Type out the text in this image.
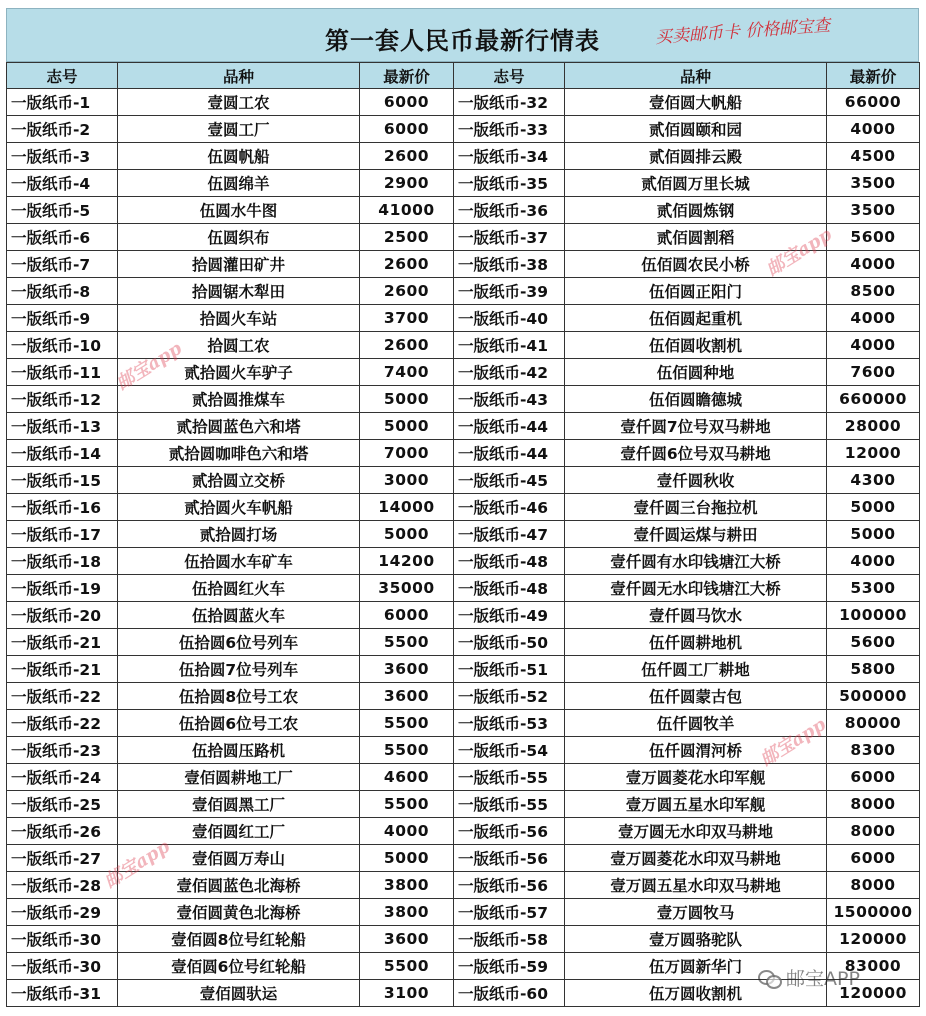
第一套人民币最新行情表	买卖邮币卡 价格邮宝查
志号	品种	最新价	志号	品种	最新价
一版纸币-1	壹圆工农	6000	一版纸币-32	壹佰圆大帆船	66000
一版纸币-2	壹圆工厂	6000	一版纸币-33	贰佰圆颐和园	4000
一版纸币-3	伍圆帆船	2600	一版纸币-34	贰佰圆排云殿	4500
一版纸币-4	伍圆绵羊	2900	一版纸币-35	贰佰圆万里长城	3500
一版纸币-5	伍圆水牛图	41000	一版纸币-36	贰佰圆炼钢	3500
一版纸币-6	伍圆织布	2500	一版纸币-37	贰佰圆割稻	5600
一版纸币-7	拾圆灌田矿井	2600	一版纸币-38	伍佰圆农民小桥	4000
一版纸币-8	拾圆锯木犁田	2600	一版纸币-39	伍佰圆正阳门	8500
一版纸币-9	拾圆火车站	3700	一版纸币-40	伍佰圆起重机	4000
一版纸币-10	拾圆工农	2600	一版纸币-41	伍佰圆收割机	4000
一版纸币-11	贰拾圆火车驴子	7400	一版纸币-42	伍佰圆种地	7600
一版纸币-12	贰拾圆推煤车	5000	一版纸币-43	伍佰圆瞻德城	660000
一版纸币-13	贰拾圆蓝色六和塔	5000	一版纸币-44	壹仟圆7位号双马耕地	28000
一版纸币-14	贰拾圆咖啡色六和塔	7000	一版纸币-44	壹仟圆6位号双马耕地	12000
一版纸币-15	贰拾圆立交桥	3000	一版纸币-45	壹仟圆秋收	4300
一版纸币-16	贰拾圆火车帆船	14000	一版纸币-46	壹仟圆三台拖拉机	5000
一版纸币-17	贰拾圆打场	5000	一版纸币-47	壹仟圆运煤与耕田	5000
一版纸币-18	伍拾圆水车矿车	14200	一版纸币-48	壹仟圆有水印钱塘江大桥	4000
一版纸币-19	伍拾圆红火车	35000	一版纸币-48	壹仟圆无水印钱塘江大桥	5300
一版纸币-20	伍拾圆蓝火车	6000	一版纸币-49	壹仟圆马饮水	100000
一版纸币-21	伍拾圆6位号列车	5500	一版纸币-50	伍仟圆耕地机	5600
一版纸币-21	伍拾圆7位号列车	3600	一版纸币-51	伍仟圆工厂耕地	5800
一版纸币-22	伍拾圆8位号工农	3600	一版纸币-52	伍仟圆蒙古包	500000
一版纸币-22	伍拾圆6位号工农	5500	一版纸币-53	伍仟圆牧羊	80000
一版纸币-23	伍拾圆压路机	5500	一版纸币-54	伍仟圆渭河桥	8300
一版纸币-24	壹佰圆耕地工厂	4600	一版纸币-55	壹万圆菱花水印军舰	6000
一版纸币-25	壹佰圆黑工厂	5500	一版纸币-55	壹万圆五星水印军舰	8000
一版纸币-26	壹佰圆红工厂	4000	一版纸币-56	壹万圆无水印双马耕地	8000
一版纸币-27	壹佰圆万寿山	5000	一版纸币-56	壹万圆菱花水印双马耕地	6000
一版纸币-28	壹佰圆蓝色北海桥	3800	一版纸币-56	壹万圆五星水印双马耕地	8000
一版纸币-29	壹佰圆黄色北海桥	3800	一版纸币-57	壹万圆牧马	1500000
一版纸币-30	壹佰圆8位号红轮船	3600	一版纸币-58	壹万圆骆驼队	120000
一版纸币-30	壹佰圆6位号红轮船	5500	一版纸币-59	伍万圆新华门	83000
一版纸币-31	壹佰圆驮运	3100	一版纸币-60	伍万圆收割机	120000
邮宝app
邮宝app
邮宝app
邮宝app
邮宝APP
